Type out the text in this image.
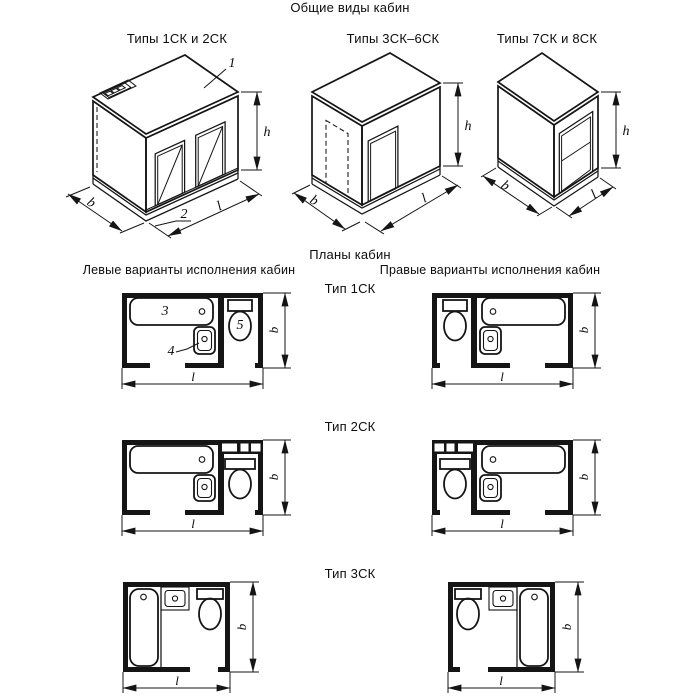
Общие виды кабин
Типы 1СК и 2СК	Типы 3СК–6СК	Типы 7СК и 8СК
1
2
h
b	l
h
b	l
h
b
l
Планы кабин
Левые варианты исполнения кабин	Правые варианты исполнения кабин
Тип 1СК
Тип 2СК
Тип 3СК
3
4
5 b
l
b
l
b
l
b
l
b
l
b
l
